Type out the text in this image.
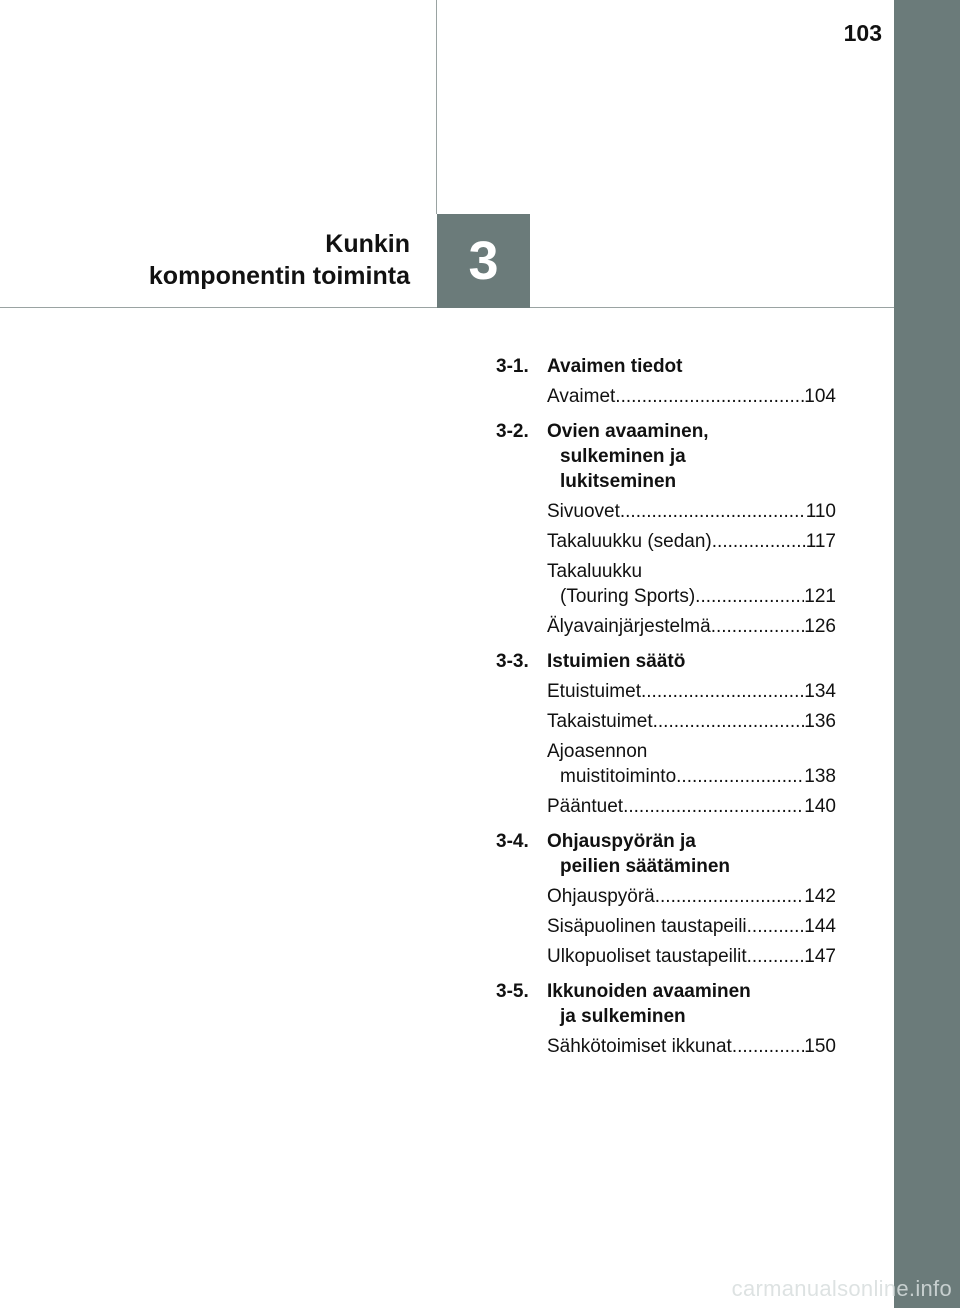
103
3
Kunkin
komponentin toiminta
3-1. Avaimen tiedot
Avaimet .....	104
3-2. Ovien avaaminen,
sulkeminen ja
lukitseminen
Sivuovet .....	110
Takaluukku (sedan) .....	117
Takaluukku
(Touring Sports) .....	121
Älyavainjärjestelmä .....	126
3-3. Istuimien säätö
Etuistuimet .....	134
Takaistuimet .....	136
Ajoasennon
muistitoiminto .....	138
Pääntuet .....	140
3-4. Ohjauspyörän ja
peilien säätäminen
Ohjauspyörä .....	142
Sisäpuolinen taustapeili .....	144
Ulkopuoliset taustapeilit .....	147
3-5. Ikkunoiden avaaminen
ja sulkeminen
Sähkötoimiset ikkunat .....	150
carmanualsonline.info
